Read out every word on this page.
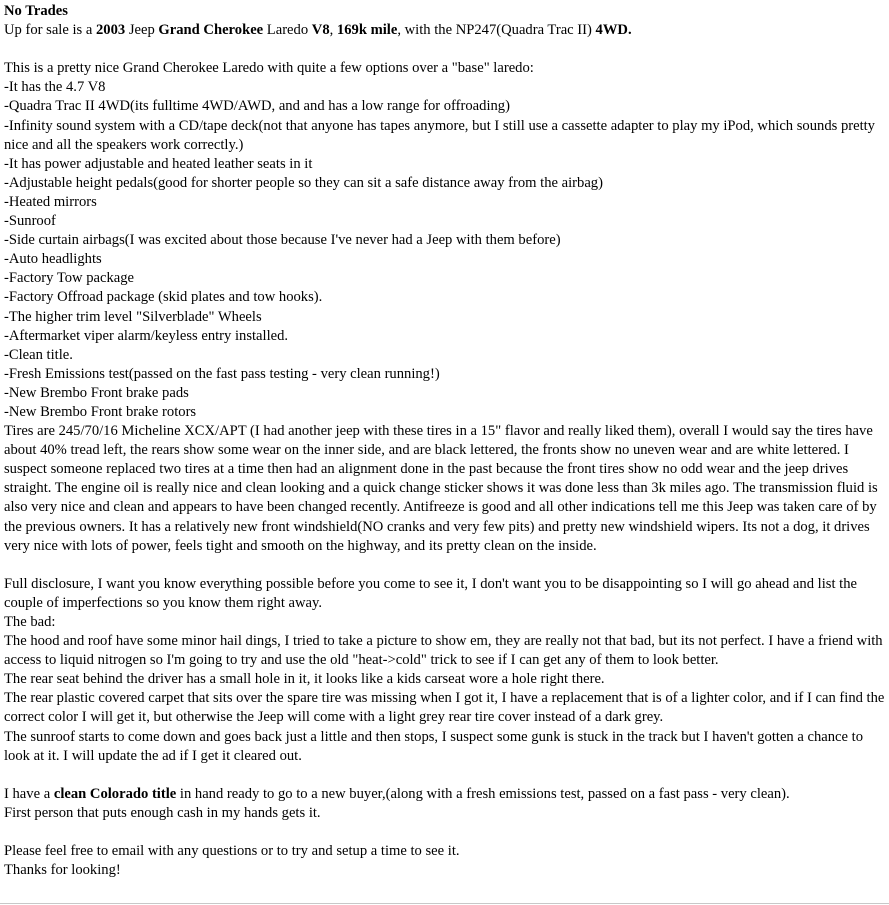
No Trades
Up for sale is a 2003 Jeep Grand Cherokee Laredo V8, 169k mile, with the NP247(Quadra Trac II) 4WD.
This is a pretty nice Grand Cherokee Laredo with quite a few options over a "base" laredo:
-It has the 4.7 V8
-Quadra Trac II 4WD(its fulltime 4WD/AWD, and and has a low range for offroading)
-Infinity sound system with a CD/tape deck(not that anyone has tapes anymore, but I still use a cassette adapter to play my iPod, which sounds pretty nice and all the speakers work correctly.)
-It has power adjustable and heated leather seats in it
-Adjustable height pedals(good for shorter people so they can sit a safe distance away from the airbag)
-Heated mirrors
-Sunroof
-Side curtain airbags(I was excited about those because I've never had a Jeep with them before)
-Auto headlights
-Factory Tow package
-Factory Offroad package (skid plates and tow hooks).
-The higher trim level "Silverblade" Wheels
-Aftermarket viper alarm/keyless entry installed.
-Clean title.
-Fresh Emissions test(passed on the fast pass testing - very clean running!)
-New Brembo Front brake pads
-New Brembo Front brake rotors
Tires are 245/70/16 Micheline XCX/APT (I had another jeep with these tires in a 15" flavor and really liked them), overall I would say the tires have about 40% tread left, the rears show some wear on the inner side, and are black lettered, the fronts show no uneven wear and are white lettered. I suspect someone replaced two tires at a time then had an alignment done in the past because the front tires show no odd wear and the jeep drives straight. The engine oil is really nice and clean looking and a quick change sticker shows it was done less than 3k miles ago. The transmission fluid is also very nice and clean and appears to have been changed recently. Antifreeze is good and all other indications tell me this Jeep was taken care of by the previous owners. It has a relatively new front windshield(NO cranks and very few pits) and pretty new windshield wipers. Its not a dog, it drives very nice with lots of power, feels tight and smooth on the highway, and its pretty clean on the inside.
Full disclosure, I want you know everything possible before you come to see it, I don't want you to be disappointing so I will go ahead and list the couple of imperfections so you know them right away.
The bad:
The hood and roof have some minor hail dings, I tried to take a picture to show em, they are really not that bad, but its not perfect. I have a friend with access to liquid nitrogen so I'm going to try and use the old "heat->cold" trick to see if I can get any of them to look better.
The rear seat behind the driver has a small hole in it, it looks like a kids carseat wore a hole right there.
The rear plastic covered carpet that sits over the spare tire was missing when I got it, I have a replacement that is of a lighter color, and if I can find the correct color I will get it, but otherwise the Jeep will come with a light grey rear tire cover instead of a dark grey.
The sunroof starts to come down and goes back just a little and then stops, I suspect some gunk is stuck in the track but I haven't gotten a chance to look at it. I will update the ad if I get it cleared out.
I have a clean Colorado title in hand ready to go to a new buyer,(along with a fresh emissions test, passed on a fast pass - very clean).
First person that puts enough cash in my hands gets it.
Please feel free to email with any questions or to try and setup a time to see it.
Thanks for looking!
